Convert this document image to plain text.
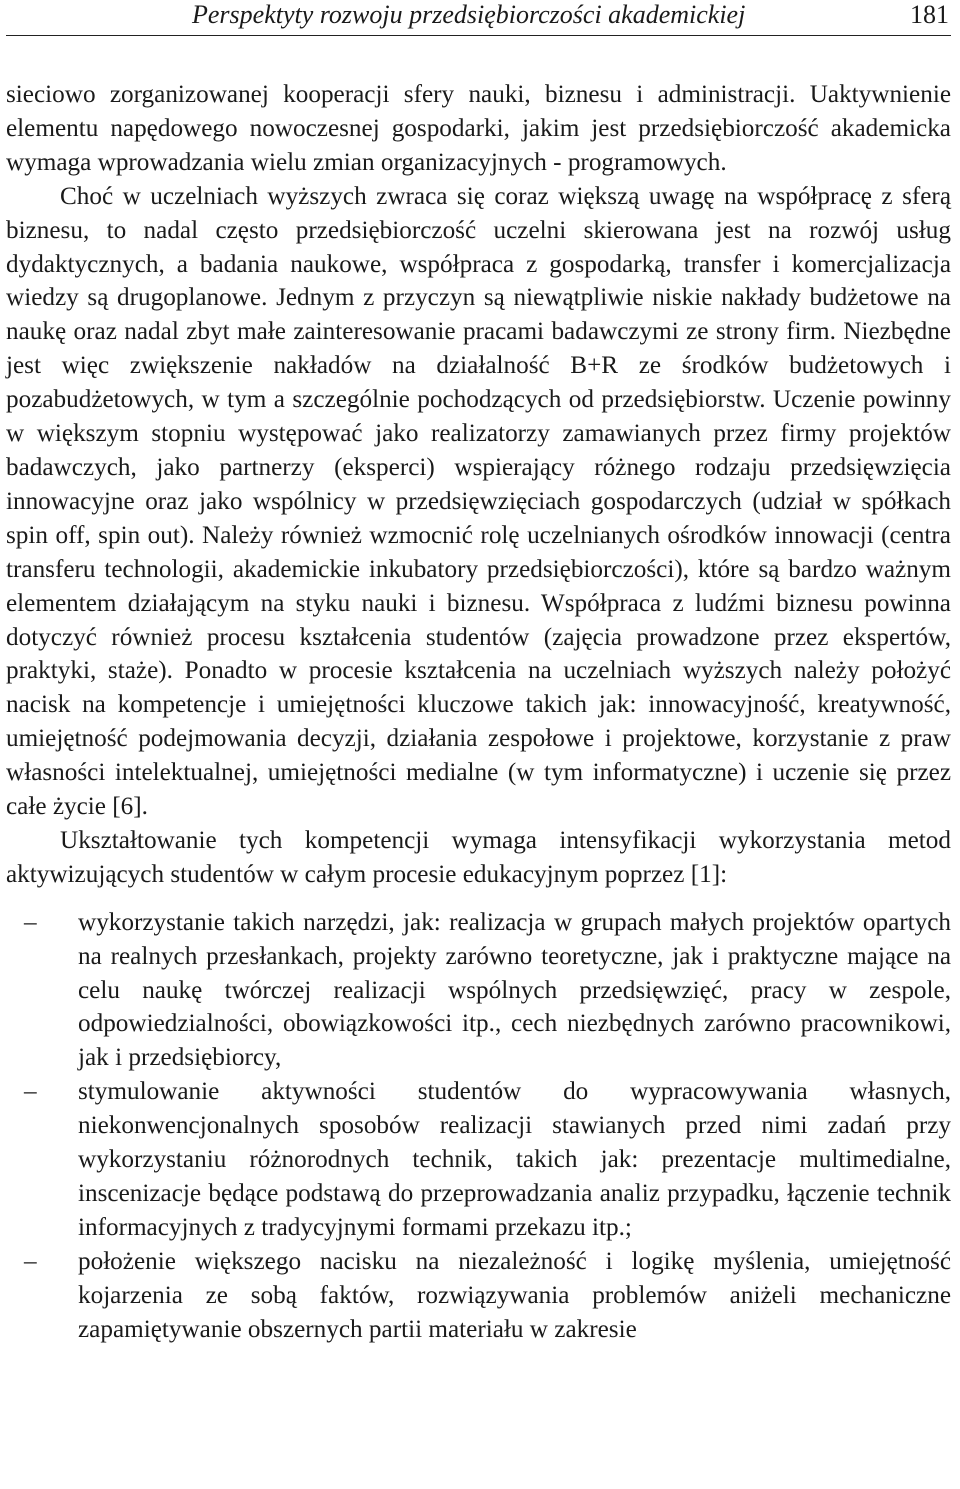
Perspektyty rozwoju przedsiębiorczości akademickiej	181

sieciowo zorganizowanej kooperacji sfery nauki, biznesu i administracji. Uaktywnienie elementu napędowego nowoczesnej gospodarki, jakim jest przedsiębiorczość akademicka wymaga wprowadzania wielu zmian organizacyjnych - programowych.

Choć w uczelniach wyższych zwraca się coraz większą uwagę na współpracę z sferą biznesu, to nadal często przedsiębiorczość uczelni skierowana jest na rozwój usług dydaktycznych, a badania naukowe, współpraca z gospodarką, transfer i komercjalizacja wiedzy są drugoplanowe. Jednym z przyczyn są niewątpliwie niskie nakłady budżetowe na naukę oraz nadal zbyt małe zainteresowanie pracami badawczymi ze strony firm. Niezbędne jest więc zwiększenie nakładów na działalność B+R ze środków budżetowych i pozabudżetowych, w tym a szczególnie pochodzących od przedsiębiorstw. Uczenie powinny w większym stopniu występować jako realizatorzy zamawianych przez firmy projektów badawczych, jako partnerzy (eksperci) wspierający różnego rodzaju przedsięwzięcia innowacyjne oraz jako wspólnicy w przedsięwzięciach gospodarczych (udział w spółkach spin off, spin out). Należy również wzmocnić rolę uczelnianych ośrodków innowacji (centra transferu technologii, akademickie inkubatory przedsiębiorczości), które są bardzo ważnym elementem działającym na styku nauki i biznesu. Współpraca z ludźmi biznesu powinna dotyczyć również procesu kształcenia studentów (zajęcia prowadzone przez ekspertów, praktyki, staże). Ponadto w procesie kształcenia na uczelniach wyższych należy położyć nacisk na kompetencje i umiejętności kluczowe takich jak: innowacyjność, kreatywność, umiejętność podejmowania decyzji, działania zespołowe i projektowe, korzystanie z praw własności intelektualnej, umiejętności medialne (w tym informatyczne) i uczenie się przez całe życie [6].

Ukształtowanie tych kompetencji wymaga intensyfikacji wykorzystania metod aktywizujących studentów w całym procesie edukacyjnym poprzez [1]:

– wykorzystanie takich narzędzi, jak: realizacja w grupach małych projektów opartych na realnych przesłankach, projekty zarówno teoretyczne, jak i praktyczne mające na celu naukę twórczej realizacji wspólnych przedsięwzięć, pracy w zespole, odpowiedzialności, obowiązkowości itp., cech niezbędnych zarówno pracownikowi, jak i przedsiębiorcy,
– stymulowanie aktywności studentów do wypracowywania własnych, niekonwencjonalnych sposobów realizacji stawianych przed nimi zadań przy wykorzystaniu różnorodnych technik, takich jak: prezentacje multimedialne, inscenizacje będące podstawą do przeprowadzania analiz przypadku, łączenie technik informacyjnych z tradycyjnymi formami przekazu itp.;
– położenie większego nacisku na niezależność i logikę myślenia, umiejętność kojarzenia ze sobą faktów, rozwiązywania problemów aniżeli mechaniczne zapamiętywanie obszernych partii materiału w zakresie
